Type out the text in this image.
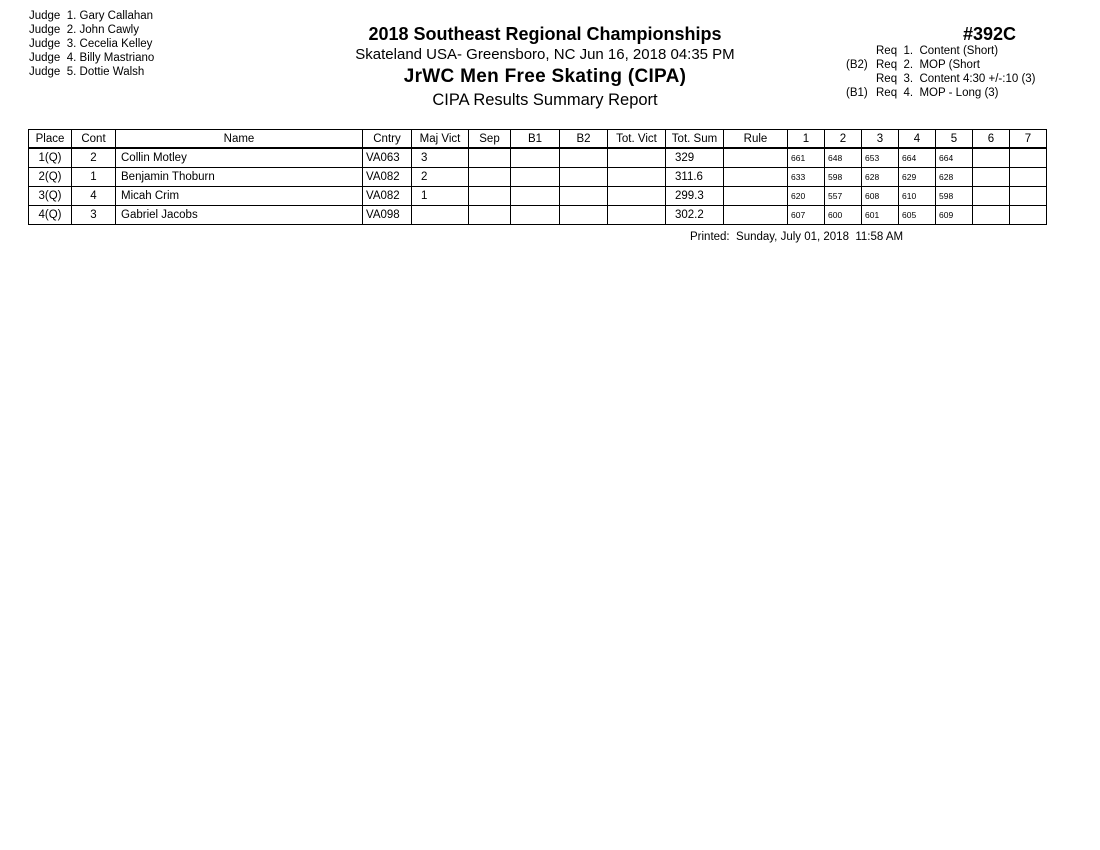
Judge  1. Gary Callahan
Judge  2. John Cawly
Judge  3. Cecelia Kelley
Judge  4. Billy Mastriano
Judge  5. Dottie Walsh
2018 Southeast Regional Championships
Skateland USA- Greensboro, NC Jun 16, 2018 04:35 PM
JrWC Men Free Skating (CIPA)
CIPA Results Summary Report
#392C
Req  1.  Content (Short)
(B2) Req  2.  MOP (Short
Req  3.  Content 4:30 +/-:10 (3)
(B1) Req  4.  MOP - Long (3)
Place	Cont	Name	Cntry	Maj Vict	Sep	B1	B2	Tot. Vict	Tot. Sum	Rule	1	2	3	4	5	6	7
1(Q)	2	Collin Motley	VA063	3					329		661	648	653	664	664		
2(Q)	1	Benjamin Thoburn	VA082	2					311.6		633	598	628	629	628		
3(Q)	4	Micah Crim	VA082	1					299.3		620	557	608	610	598		
4(Q)	3	Gabriel Jacobs	VA098						302.2		607	600	601	605	609		
Printed:  Sunday, July 01, 2018  11:58 AM
